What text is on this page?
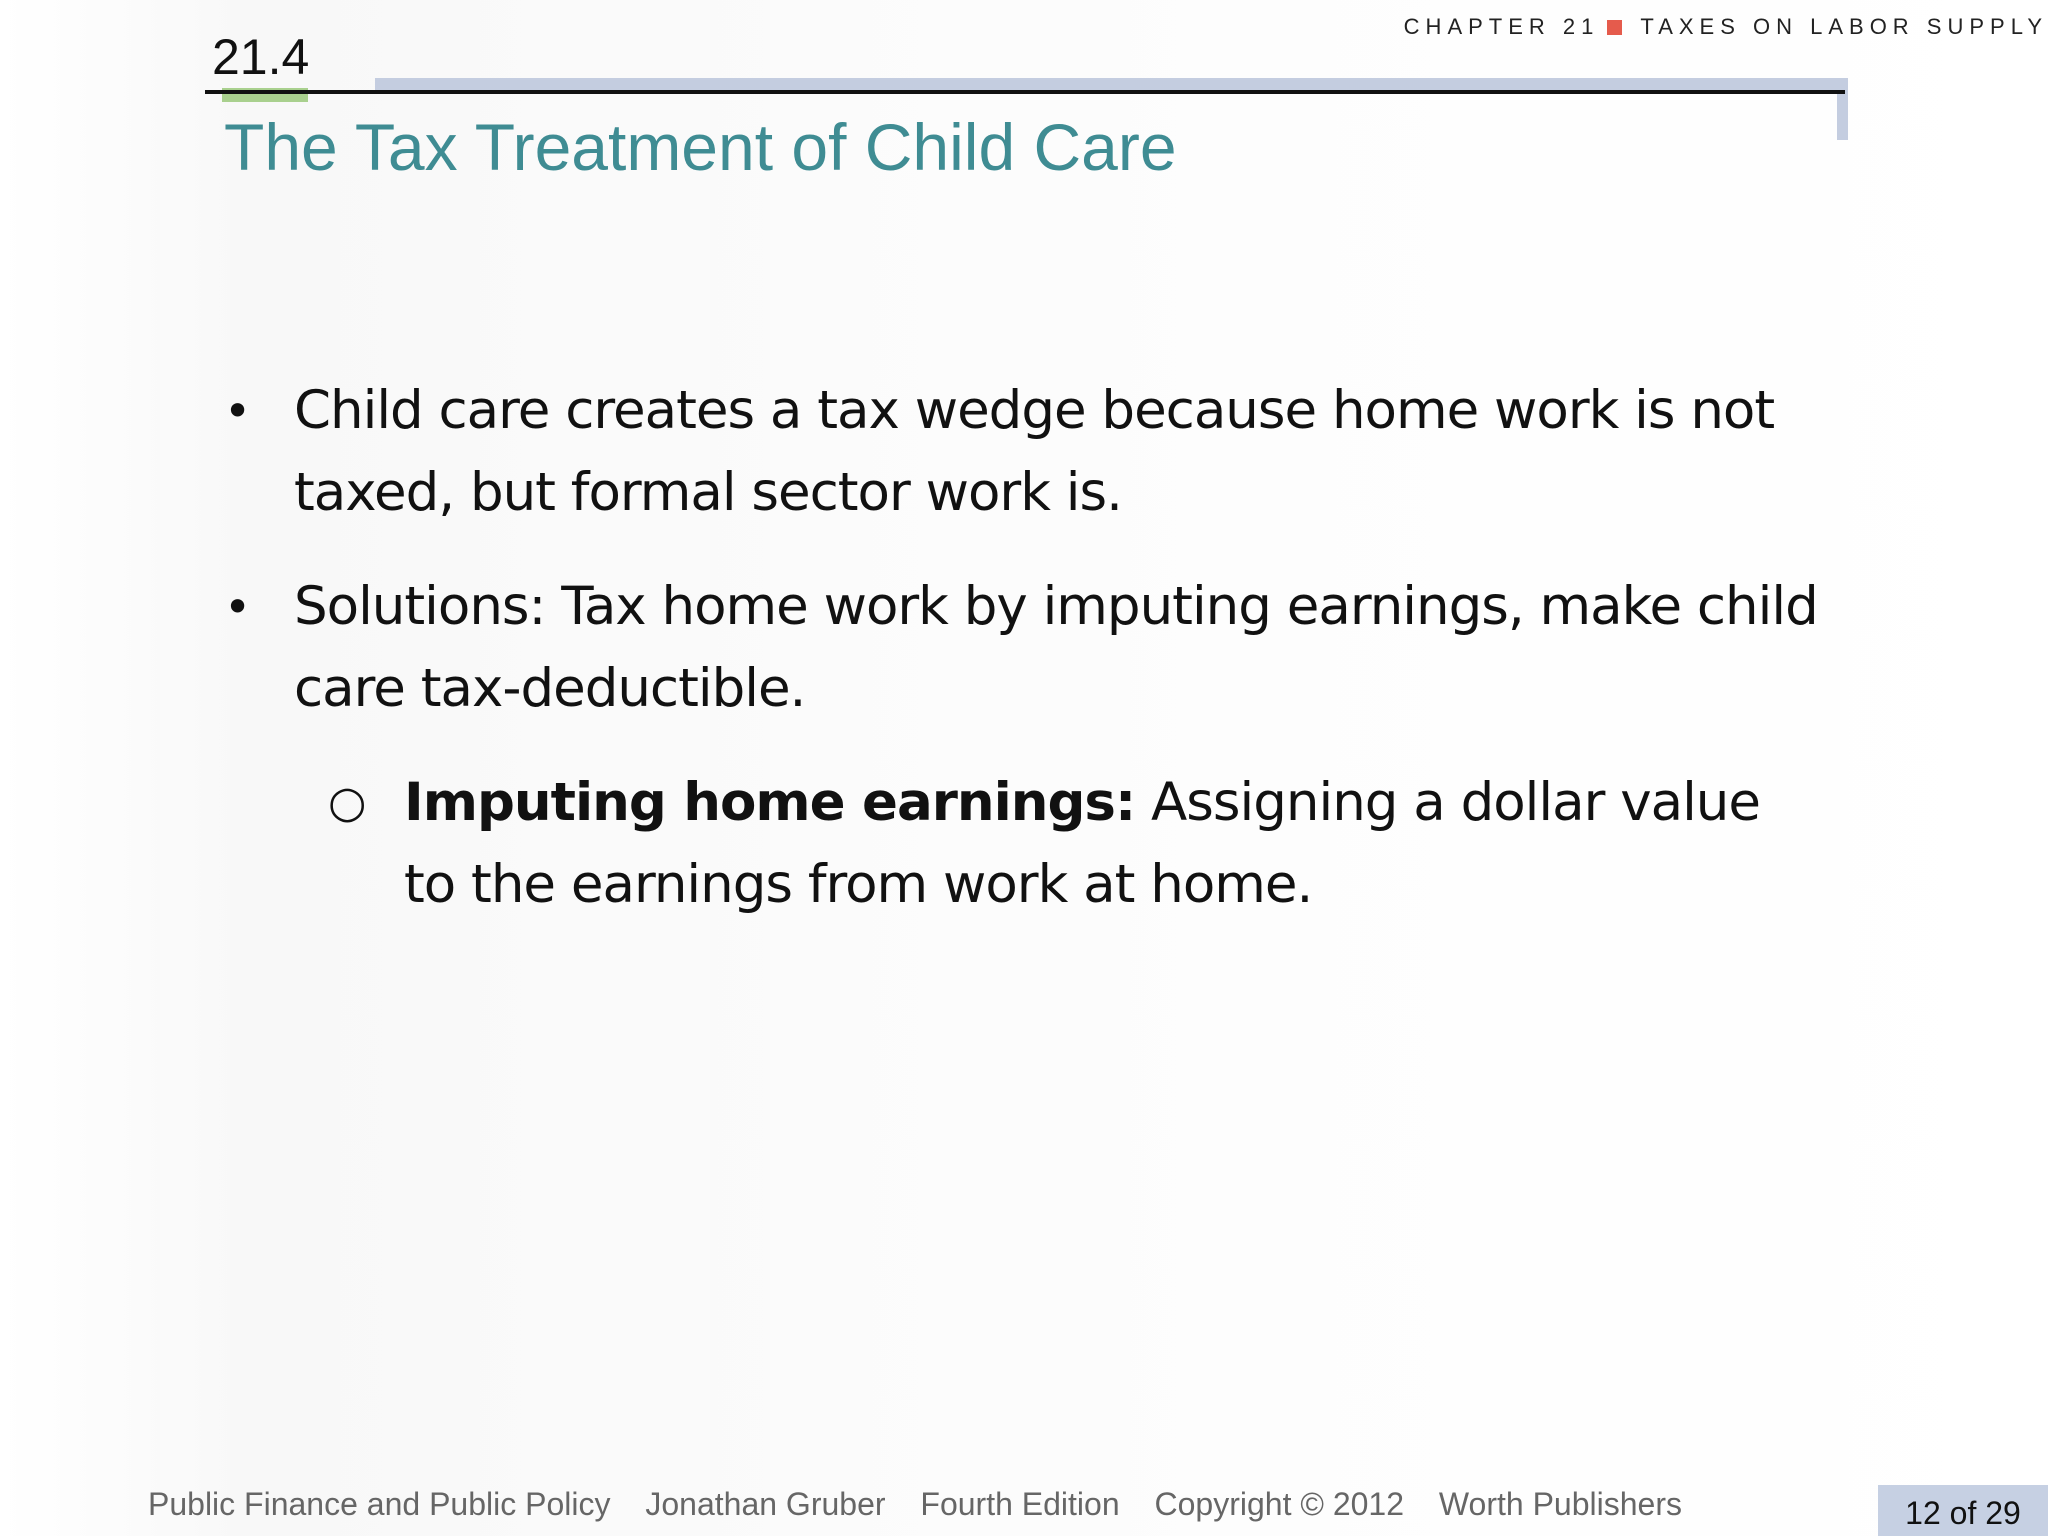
CHAPTER 21 TAXES ON LABOR SUPPLY
21.4
The Tax Treatment of Child Care
• Child care creates a tax wedge because home work is not taxed, but formal sector work is.
• Solutions: Tax home work by imputing earnings, make child care tax-deductible.
○ Imputing home earnings: Assigning a dollar value to the earnings from work at home.
Public Finance and Public Policy Jonathan Gruber Fourth Edition Copyright © 2012 Worth Publishers	12 of 29
